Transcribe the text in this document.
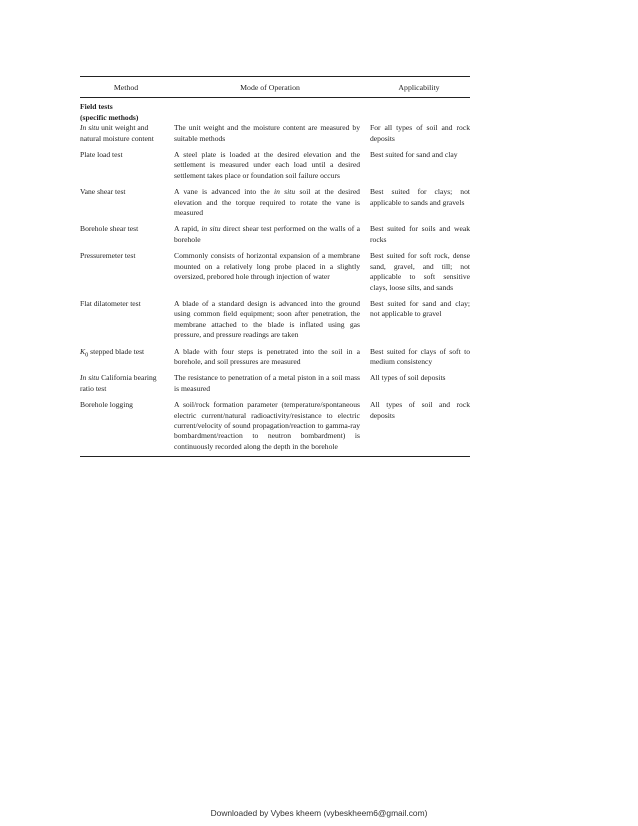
Method	Mode of Operation	Applicability
Field tests
(specific methods)		
In situ unit weight and natural moisture content	The unit weight and the moisture content are measured by suitable methods	For all types of soil and rock deposits
Plate load test	A steel plate is loaded at the desired elevation and the settlement is measured under each load until a desired settlement takes place or foundation soil failure occurs	Best suited for sand and clay
Vane shear test	A vane is advanced into the in situ soil at the desired elevation and the torque required to rotate the vane is measured	Best suited for clays; not applicable to sands and gravels
Borehole shear test	A rapid, in situ direct shear test performed on the walls of a borehole	Best suited for soils and weak rocks
Pressuremeter test	Commonly consists of horizontal expansion of a membrane mounted on a relatively long probe placed in a slightly oversized, prebored hole through injection of water	Best suited for soft rock, dense sand, gravel, and till; not applicable to soft sensitive clays, loose silts, and sands
Flat dilatometer test	A blade of a standard design is advanced into the ground using common field equipment; soon after penetration, the membrane attached to the blade is inflated using gas pressure, and pressure readings are taken	Best suited for sand and clay; not applicable to gravel
$K_0$ stepped blade test	A blade with four steps is penetrated into the soil in a borehole, and soil pressures are measured	Best suited for clays of soft to medium consistency
In situ California bearing ratio test	The resistance to penetration of a metal piston in a soil mass is measured	All types of soil deposits
Borehole logging	A soil/rock formation parameter (temperature/spontaneous electric current/natural radioactivity/resistance to electric current/velocity of sound propagation/reaction to gamma-ray bombardment/reaction to neutron bombardment) is continuously recorded along the depth in the borehole	All types of soil and rock deposits
Downloaded by Vybes kheem (vybeskheem6@gmail.com)
